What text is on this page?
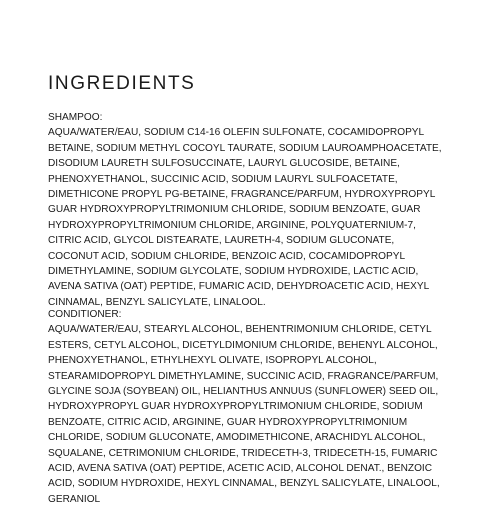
INGREDIENTS
SHAMPOO:
AQUA/WATER/EAU, SODIUM C14-16 OLEFIN SULFONATE, COCAMIDOPROPYL
BETAINE, SODIUM METHYL COCOYL TAURATE, SODIUM LAUROAMPHOACETATE,
DISODIUM LAURETH SULFOSUCCINATE, LAURYL GLUCOSIDE, BETAINE,
PHENOXYETHANOL, SUCCINIC ACID, SODIUM LAURYL SULFOACETATE,
DIMETHICONE PROPYL PG-BETAINE, FRAGRANCE/PARFUM, HYDROXYPROPYL
GUAR HYDROXYPROPYLTRIMONIUM CHLORIDE, SODIUM BENZOATE, GUAR
HYDROXYPROPYLTRIMONIUM CHLORIDE, ARGININE, POLYQUATERNIUM-7,
CITRIC ACID, GLYCOL DISTEARATE, LAURETH-4, SODIUM GLUCONATE,
COCONUT ACID, SODIUM CHLORIDE, BENZOIC ACID, COCAMIDOPROPYL
DIMETHYLAMINE, SODIUM GLYCOLATE, SODIUM HYDROXIDE, LACTIC ACID,
AVENA SATIVA (OAT) PEPTIDE, FUMARIC ACID, DEHYDROACETIC ACID, HEXYL
CINNAMAL, BENZYL SALICYLATE, LINALOOL.
CONDITIONER:
AQUA/WATER/EAU, STEARYL ALCOHOL, BEHENTRIMONIUM CHLORIDE, CETYL
ESTERS, CETYL ALCOHOL, DICETYLDIMONIUM CHLORIDE, BEHENYL ALCOHOL,
PHENOXYETHANOL, ETHYLHEXYL OLIVATE, ISOPROPYL ALCOHOL,
STEARAMIDOPROPYL DIMETHYLAMINE, SUCCINIC ACID, FRAGRANCE/PARFUM,
GLYCINE SOJA (SOYBEAN) OIL, HELIANTHUS ANNUUS (SUNFLOWER) SEED OIL,
HYDROXYPROPYL GUAR HYDROXYPROPYLTRIMONIUM CHLORIDE, SODIUM
BENZOATE, CITRIC ACID, ARGININE, GUAR HYDROXYPROPYLTRIMONIUM
CHLORIDE, SODIUM GLUCONATE, AMODIMETHICONE, ARACHIDYL ALCOHOL,
SQUALANE, CETRIMONIUM CHLORIDE, TRIDECETH-3, TRIDECETH-15, FUMARIC
ACID, AVENA SATIVA (OAT) PEPTIDE, ACETIC ACID, ALCOHOL DENAT., BENZOIC
ACID, SODIUM HYDROXIDE, HEXYL CINNAMAL, BENZYL SALICYLATE, LINALOOL,
GERANIOL
